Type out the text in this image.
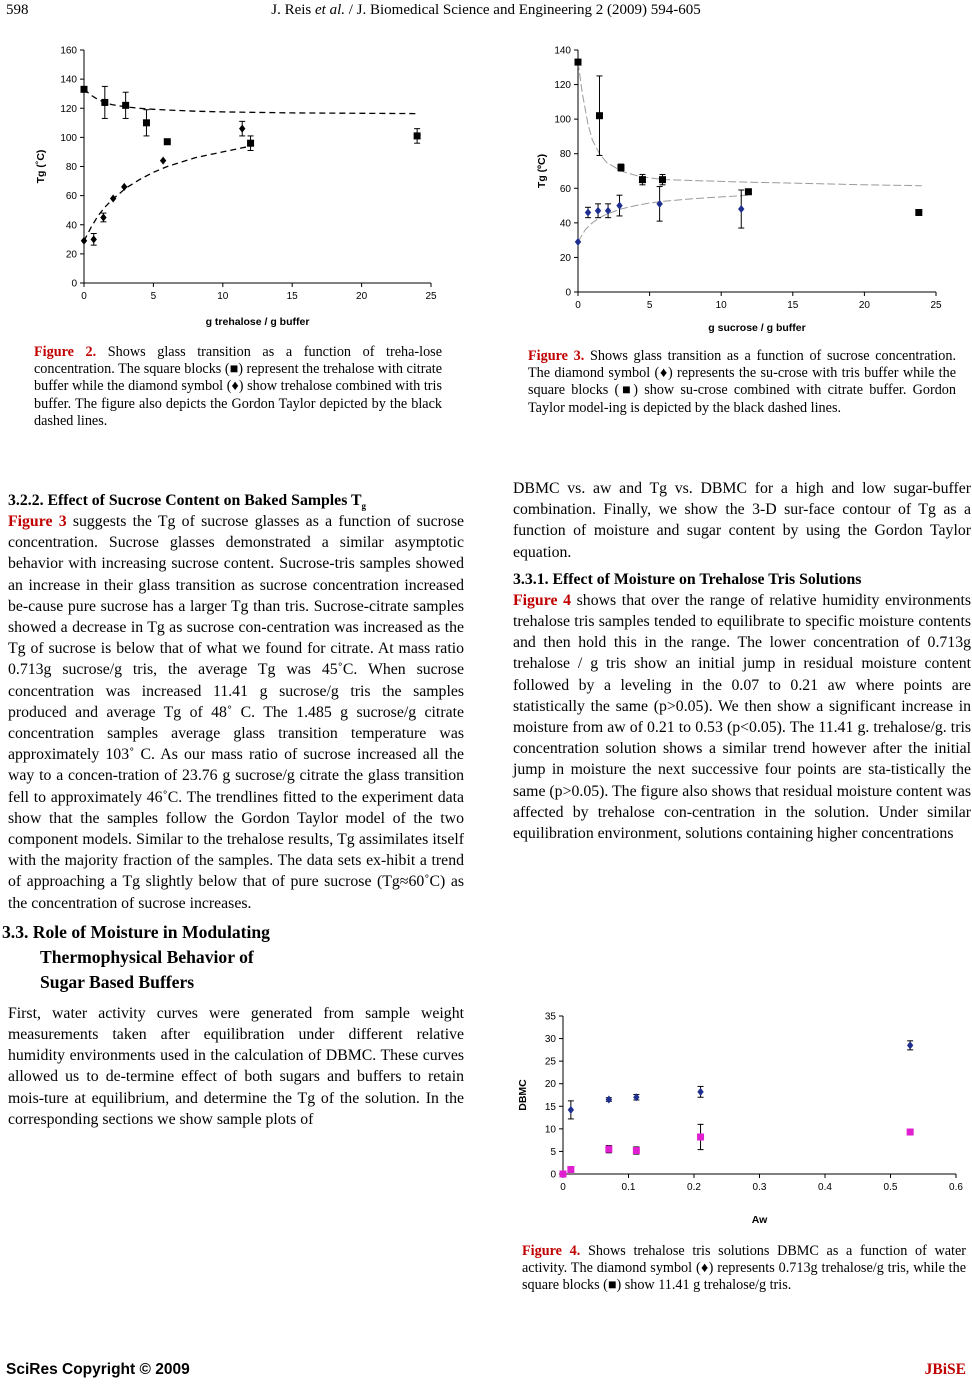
598	J. Reis et al. / J. Biomedical Science and Engineering 2 (2009) 594-605
0
20
40
60
80
100
120
140
160
0	5	10	15	20	25
g trehalose / g buffer
Tg (˚C)
Figure 2. Shows glass transition as a function of treha-lose concentration. The square blocks (■) represent the trehalose with citrate buffer while the diamond symbol (♦) show trehalose combined with tris buffer. The figure also depicts the Gordon Taylor depicted by the black dashed lines.
0
20
40
60
80
100
120
140
0	5	10	15	20	25
g sucrose / g buffer
Tg (ºC)
Figure 3. Shows glass transition as a function of sucrose concentration. The diamond symbol (♦) represents the su-crose with tris buffer while the square blocks (■) show su-crose combined with citrate buffer. Gordon Taylor model-ing is depicted by the black dashed lines.

3.2.2. Effect of Sucrose Content on Baked Samples $T_g$

Figure 3 suggests the Tg of sucrose glasses as a function of sucrose concentration. Sucrose glasses demonstrated a similar asymptotic behavior with increasing sucrose content. Sucrose-tris samples showed an increase in their glass transition as sucrose concentration increased be-cause pure sucrose has a larger Tg than tris. Sucrose-citrate samples showed a decrease in Tg as sucrose con-centration was increased as the Tg of sucrose is below that of what we found for citrate. At mass ratio 0.713g sucrose/g tris, the average Tg was 45˚C. When sucrose concentration was increased 11.41 g sucrose/g tris the samples produced and average Tg of 48˚ C. The 1.485 g sucrose/g citrate concentration samples average glass transition temperature was approximately 103˚ C. As our mass ratio of sucrose increased all the way to a concen-tration of 23.76 g sucrose/g citrate the glass transition fell to approximately 46˚C. The trendlines fitted to the experiment data show that the samples follow the Gordon Taylor model of the two component models. Similar to the trehalose results, Tg assimilates itself with the majority fraction of the samples. The data sets ex-hibit a trend of approaching a Tg slightly below that of pure sucrose (Tg≈60˚C) as the concentration of sucrose increases.

3.3. Role of Moisture in Modulating
Thermophysical Behavior of
Sugar Based Buffers

First, water activity curves were generated from sample weight measurements taken after equilibration under different relative humidity environments used in the calculation of DBMC. These curves allowed us to de-termine effect of both sugars and buffers to retain mois-ture at equilibrium, and determine the Tg of the solution. In the corresponding sections we show sample plots of

DBMC vs. aw and Tg vs. DBMC for a high and low sugar-buffer combination. Finally, we show the 3-D sur-face contour of Tg as a function of moisture and sugar content by using the Gordon Taylor equation.

3.3.1. Effect of Moisture on Trehalose Tris Solutions

Figure 4 shows that over the range of relative humidity environments trehalose tris samples tended to equilibrate to specific moisture contents and then hold this in the range. The lower concentration of 0.713g trehalose / g tris show an initial jump in residual moisture content followed by a leveling in the 0.07 to 0.21 aw where points are statistically the same (p>0.05). We then show a significant increase in moisture from aw of 0.21 to 0.53 (p<0.05). The 11.41 g. trehalose/g. tris concentration solution shows a similar trend however after the initial jump in moisture the next successive four points are sta-tistically the same (p>0.05). The figure also shows that residual moisture content was affected by trehalose con-centration in the solution. Under similar equilibration environment, solutions containing higher concentrations

0
5
10
15
20
25
30
35
0	0.1	0.2	0.3	0.4	0.5	0.6
Aw
DBMC
Figure 4. Shows trehalose tris solutions DBMC as a function of water activity. The diamond symbol (♦) represents 0.713g trehalose/g tris, while the square blocks (■) show 11.41 g trehalose/g tris.
SciRes Copyright © 2009	JBiSE
